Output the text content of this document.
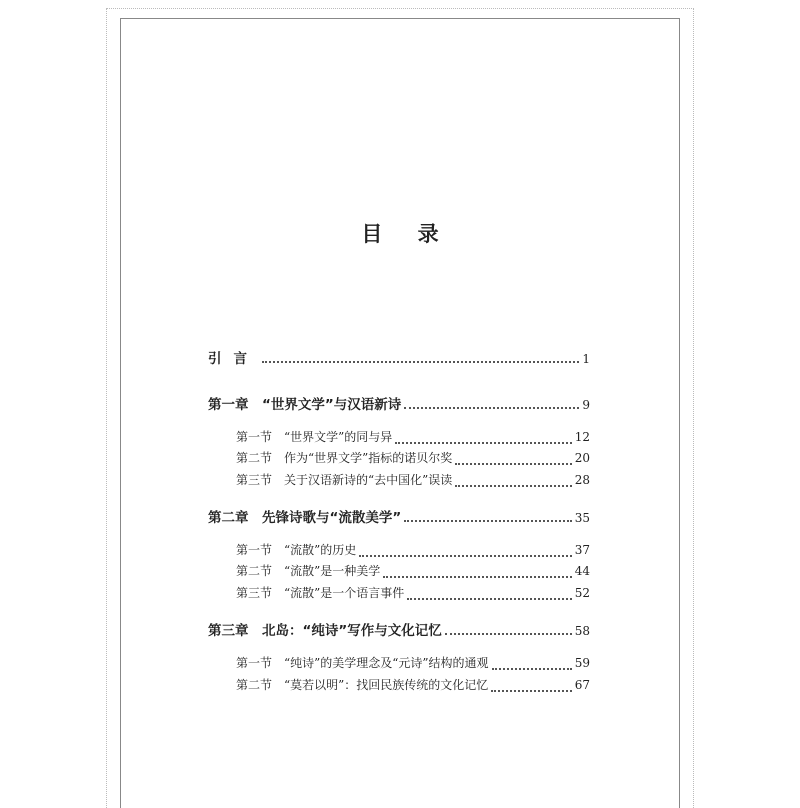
目 录
引言	1
第一章　“世界文学”与汉语新诗	9
第一节　“世界文学”的同与异	12
第二节　作为“世界文学”指标的诺贝尔奖	20
第三节　关于汉语新诗的“去中国化”误读	28
第二章　先锋诗歌与“流散美学”	35
第一节　“流散”的历史	37
第二节　“流散”是一种美学	44
第三节　“流散”是一个语言事件	52
第三章　北岛：“纯诗”写作与文化记忆	58
第一节　“纯诗”的美学理念及“元诗”结构的通观	59
第二节　“莫若以明”：找回民族传统的文化记忆	67
